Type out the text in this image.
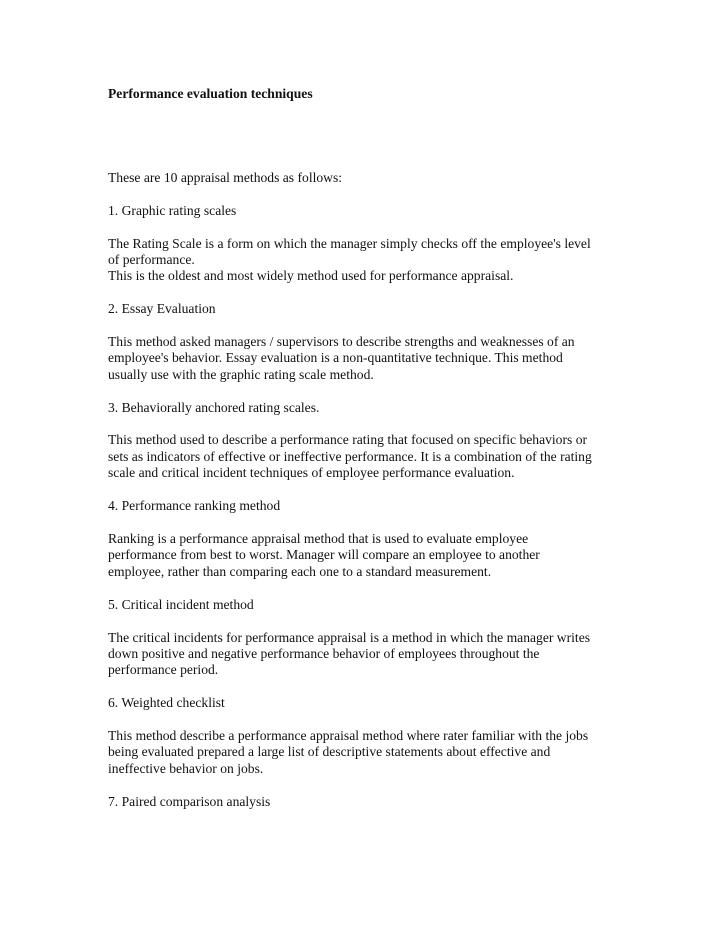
Performance evaluation techniques
These are 10 appraisal methods as follows:
1. Graphic rating scales
The Rating Scale is a form on which the manager simply checks off the employee's level
of performance.
This is the oldest and most widely method used for performance appraisal.
2. Essay Evaluation
This method asked managers / supervisors to describe strengths and weaknesses of an
employee's behavior. Essay evaluation is a non-quantitative technique. This method
usually use with the graphic rating scale method.
3. Behaviorally anchored rating scales.
This method used to describe a performance rating that focused on specific behaviors or
sets as indicators of effective or ineffective performance. It is a combination of the rating
scale and critical incident techniques of employee performance evaluation.
4. Performance ranking method
Ranking is a performance appraisal method that is used to evaluate employee
performance from best to worst. Manager will compare an employee to another
employee, rather than comparing each one to a standard measurement.
5. Critical incident method
The critical incidents for performance appraisal is a method in which the manager writes
down positive and negative performance behavior of employees throughout the
performance period.
6. Weighted checklist
This method describe a performance appraisal method where rater familiar with the jobs
being evaluated prepared a large list of descriptive statements about effective and
ineffective behavior on jobs.
7. Paired comparison analysis
